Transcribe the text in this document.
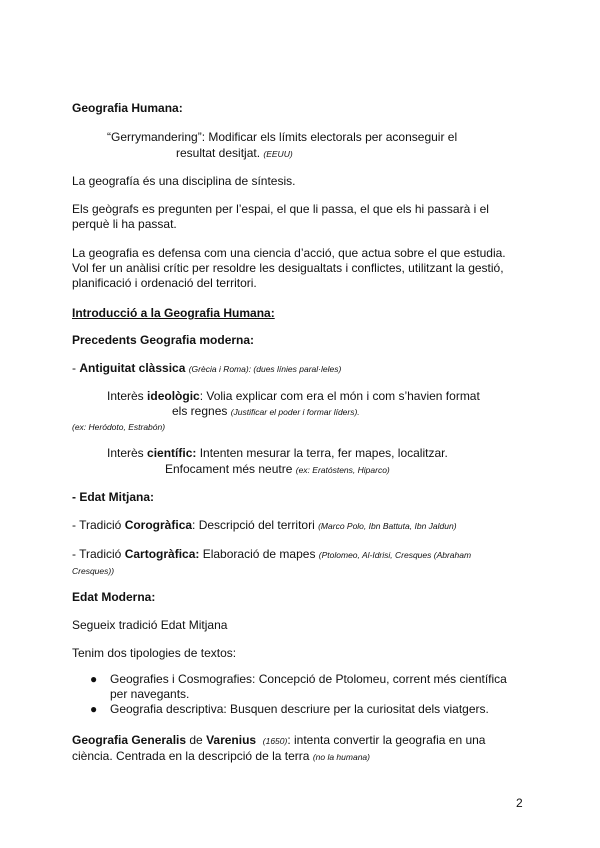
Geografia Humana:
“Gerrymandering”: Modificar els límits electorals per aconseguir el
resultat desitjat. (EEUU)
La geografía és una disciplina de síntesis.
Els geògrafs es pregunten per l’espai, el que li passa, el que els hi passarà i el
perquè li ha passat.
La geografia es defensa com una ciencia d’acció, que actua sobre el que estudia.
Vol fer un anàlisi crític per resoldre les desigualtats i conflictes, utilitzant la gestió,
planificació i ordenació del territori.
Introducció a la Geografia Humana:
Precedents Geografia moderna:
- Antiguitat clàssica (Grècia i Roma): (dues línies paral·leles)
Interès ideològic: Volia explicar com era el món i com s’havien format
els regnes (Justificar el poder i formar líders).
(ex: Heródoto, Estrabón)
Interès científic: Intenten mesurar la terra, fer mapes, localitzar.
Enfocament més neutre (ex: Eratóstens, Hiparco)
- Edat Mitjana:
- Tradició Corogràfica: Descripció del territori (Marco Polo, Ibn Battuta, Ibn Jaldun)
- Tradició Cartogràfica: Elaboració de mapes (Ptolomeo, Al-Idrisi, Cresques (Abraham
Cresques))
Edat Moderna:
Segueix tradició Edat Mitjana
Tenim dos tipologies de textos:
● Geografies i Cosmografies: Concepció de Ptolomeu, corrent més científica
per navegants.
● Geografia descriptiva: Busquen descriure per la curiositat dels viatgers.
Geografia Generalis de Varenius (1650): intenta convertir la geografia en una
ciència. Centrada en la descripció de la terra (no la humana)
2
